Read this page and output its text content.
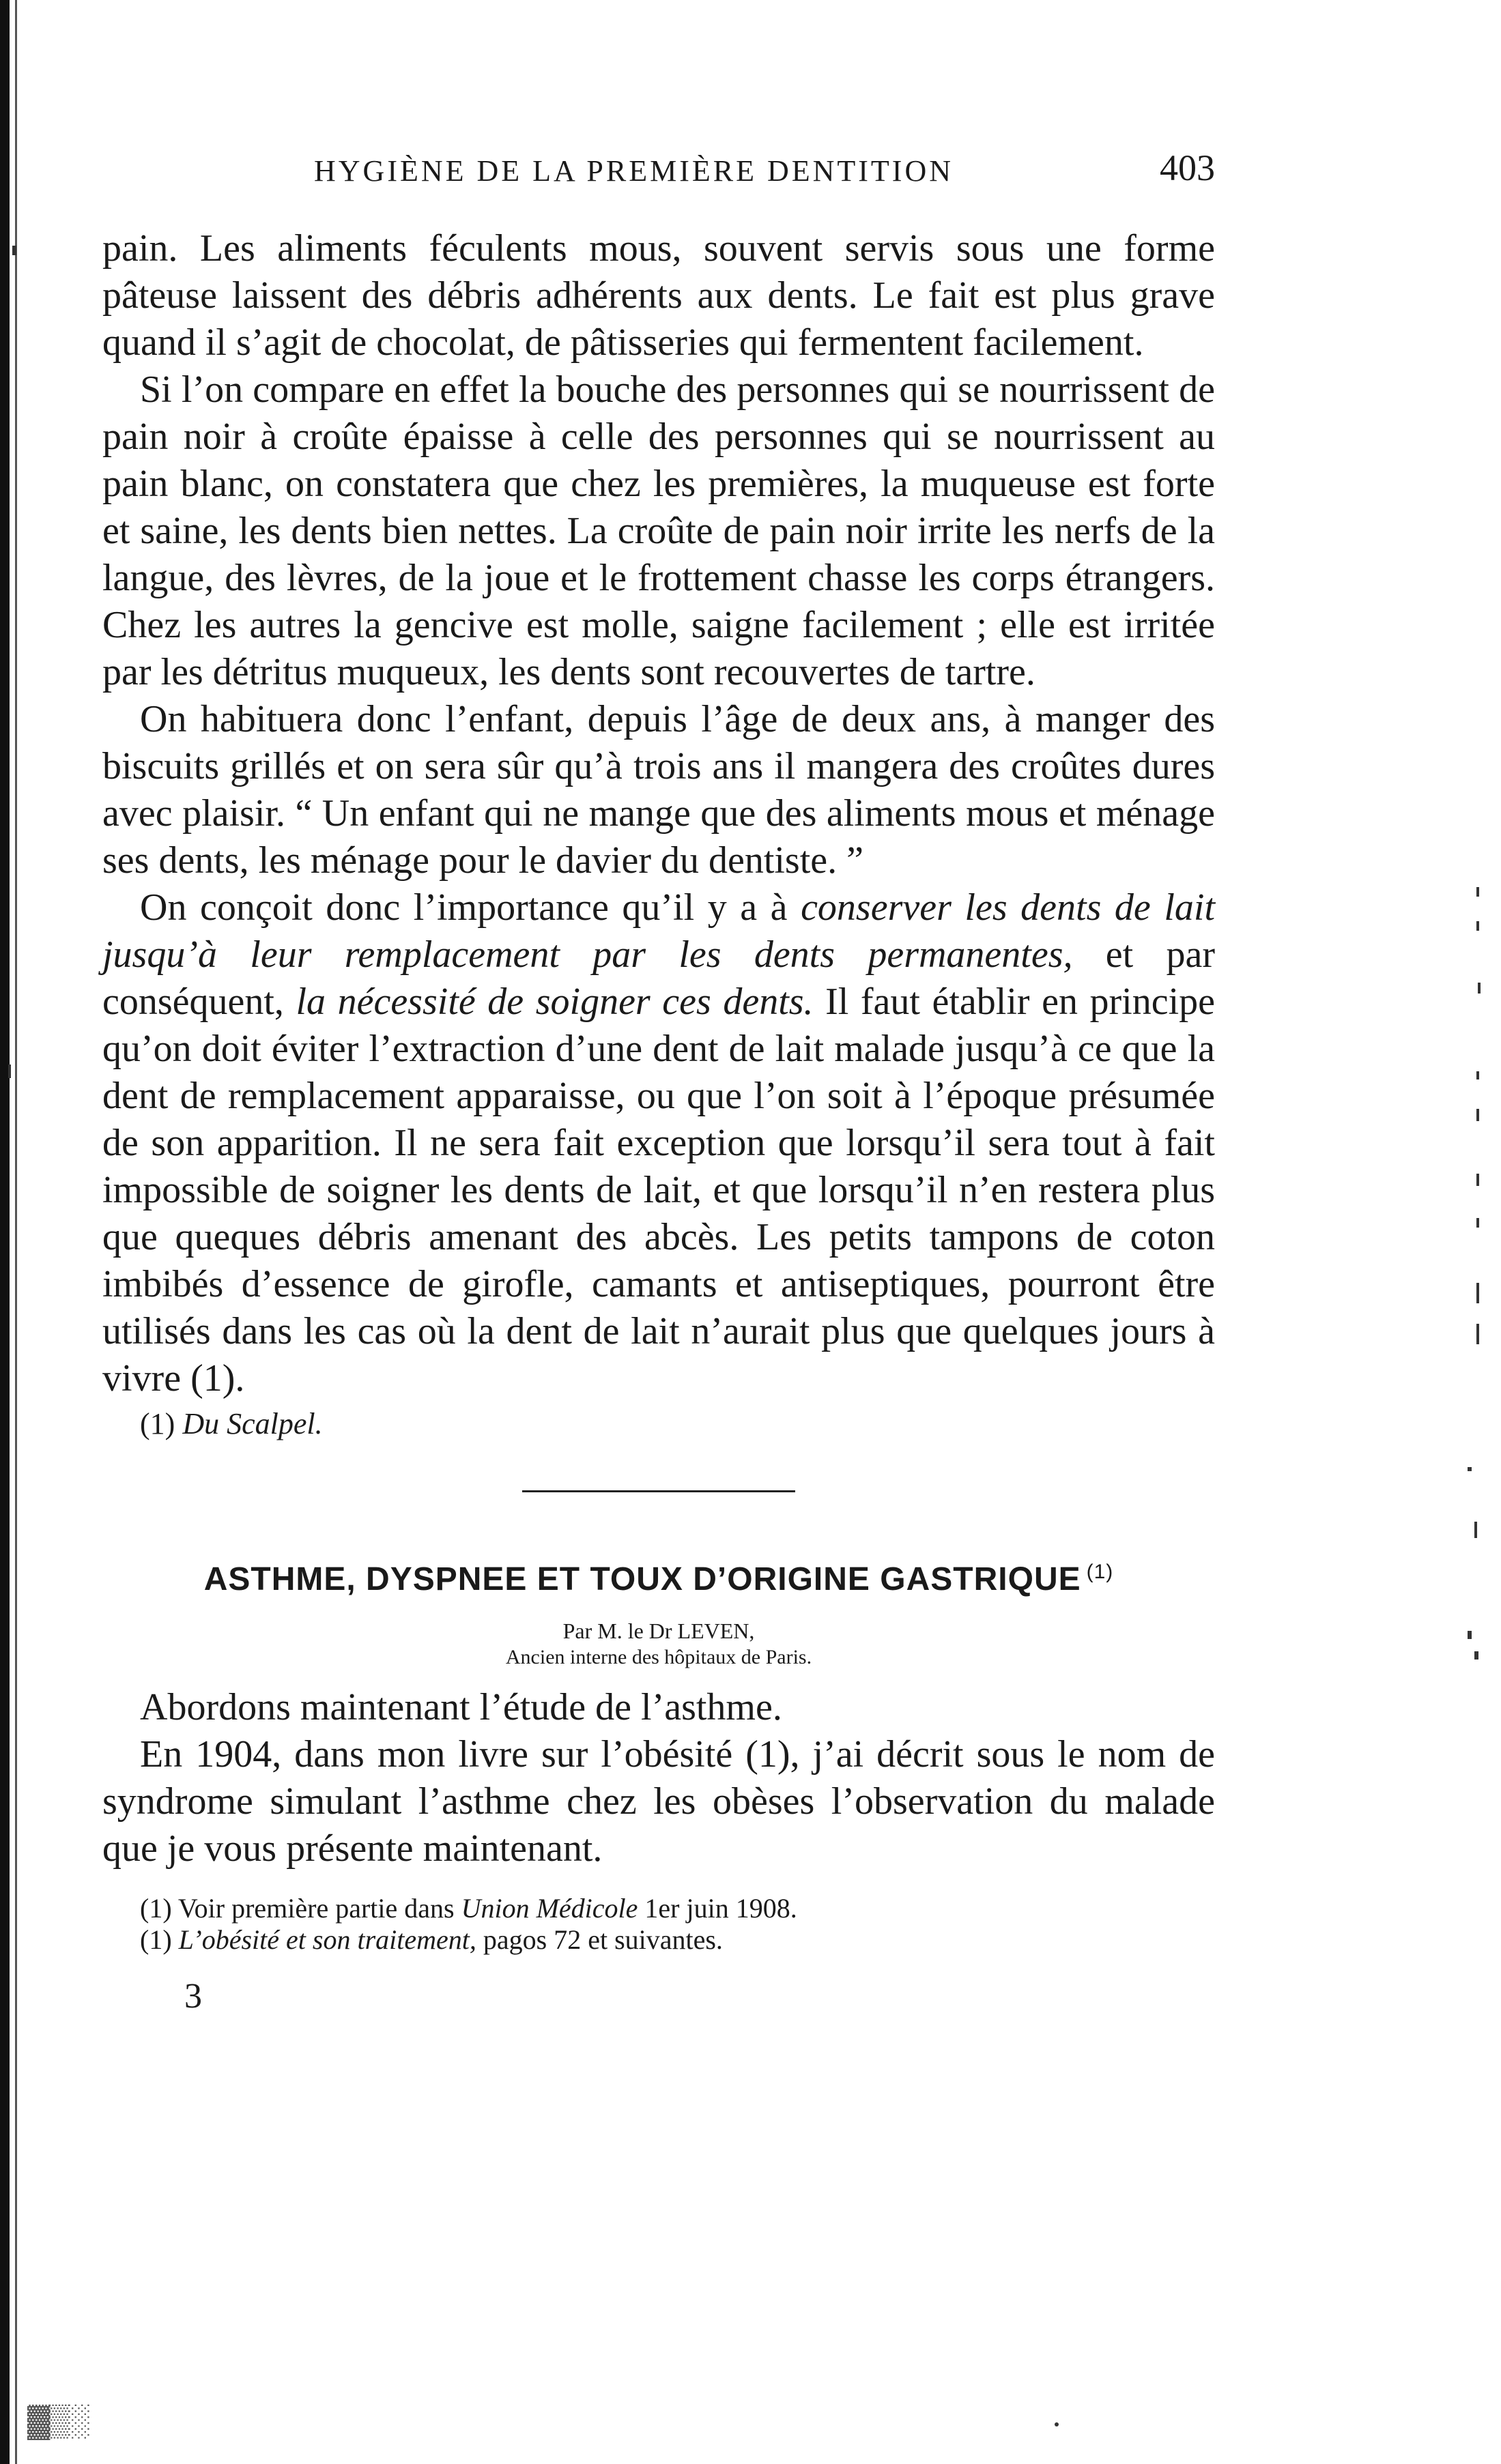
HYGIÈNE DE LA PREMIÈRE DENTITION	403

pain. Les aliments féculents mous, souvent servis sous une forme pâteuse laissent des débris adhérents aux dents. Le fait est plus grave quand il s’agit de chocolat, de pâtisseries qui fermentent facilement.

Si l’on compare en effet la bouche des personnes qui se nourrissent de pain noir à croûte épaisse à celle des personnes qui se nourrissent au pain blanc, on constatera que chez les premières, la muqueuse est forte et saine, les dents bien nettes. La croûte de pain noir irrite les nerfs de la langue, des lèvres, de la joue et le frottement chasse les corps étrangers. Chez les autres la gencive est molle, saigne facilement ; elle est irritée par les détritus muqueux, les dents sont recouvertes de tartre.

On habituera donc l’enfant, depuis l’âge de deux ans, à manger des biscuits grillés et on sera sûr qu’à trois ans il mangera des croûtes dures avec plaisir. “ Un enfant qui ne mange que des aliments mous et ménage ses dents, les ménage pour le davier du dentiste. ”

On conçoit donc l’importance qu’il y a à conserver les dents de lait jusqu’à leur remplacement par les dents permanentes, et par conséquent, la nécessité de soigner ces dents. Il faut établir en principe qu’on doit éviter l’extraction d’une dent de lait malade jusqu’à ce que la dent de remplacement apparaisse, ou que l’on soit à l’époque présumée de son apparition. Il ne sera fait exception que lorsqu’il sera tout à fait impossible de soigner les dents de lait, et que lorsqu’il n’en restera plus que queques débris amenant des abcès. Les petits tampons de coton imbibés d’essence de girofle, camants et antiseptiques, pourront être utilisés dans les cas où la dent de lait n’aurait plus que quelques jours à vivre (1).

(1) Du Scalpel.
ASTHME, DYSPNEE ET TOUX D’ORIGINE GASTRIQUE $^{(1)}$
Par M. le Dr LEVEN,
Ancien interne des hôpitaux de Paris.

Abordons maintenant l’étude de l’asthme.

En 1904, dans mon livre sur l’obésité (1), j’ai décrit sous le nom de syndrome simulant l’asthme chez les obèses l’observation du malade que je vous présente maintenant.

(1) Voir première partie dans Union Médicole 1er juin 1908.
(1) L’obésité et son traitement, pagos 72 et suivantes.
3
▓▒░
